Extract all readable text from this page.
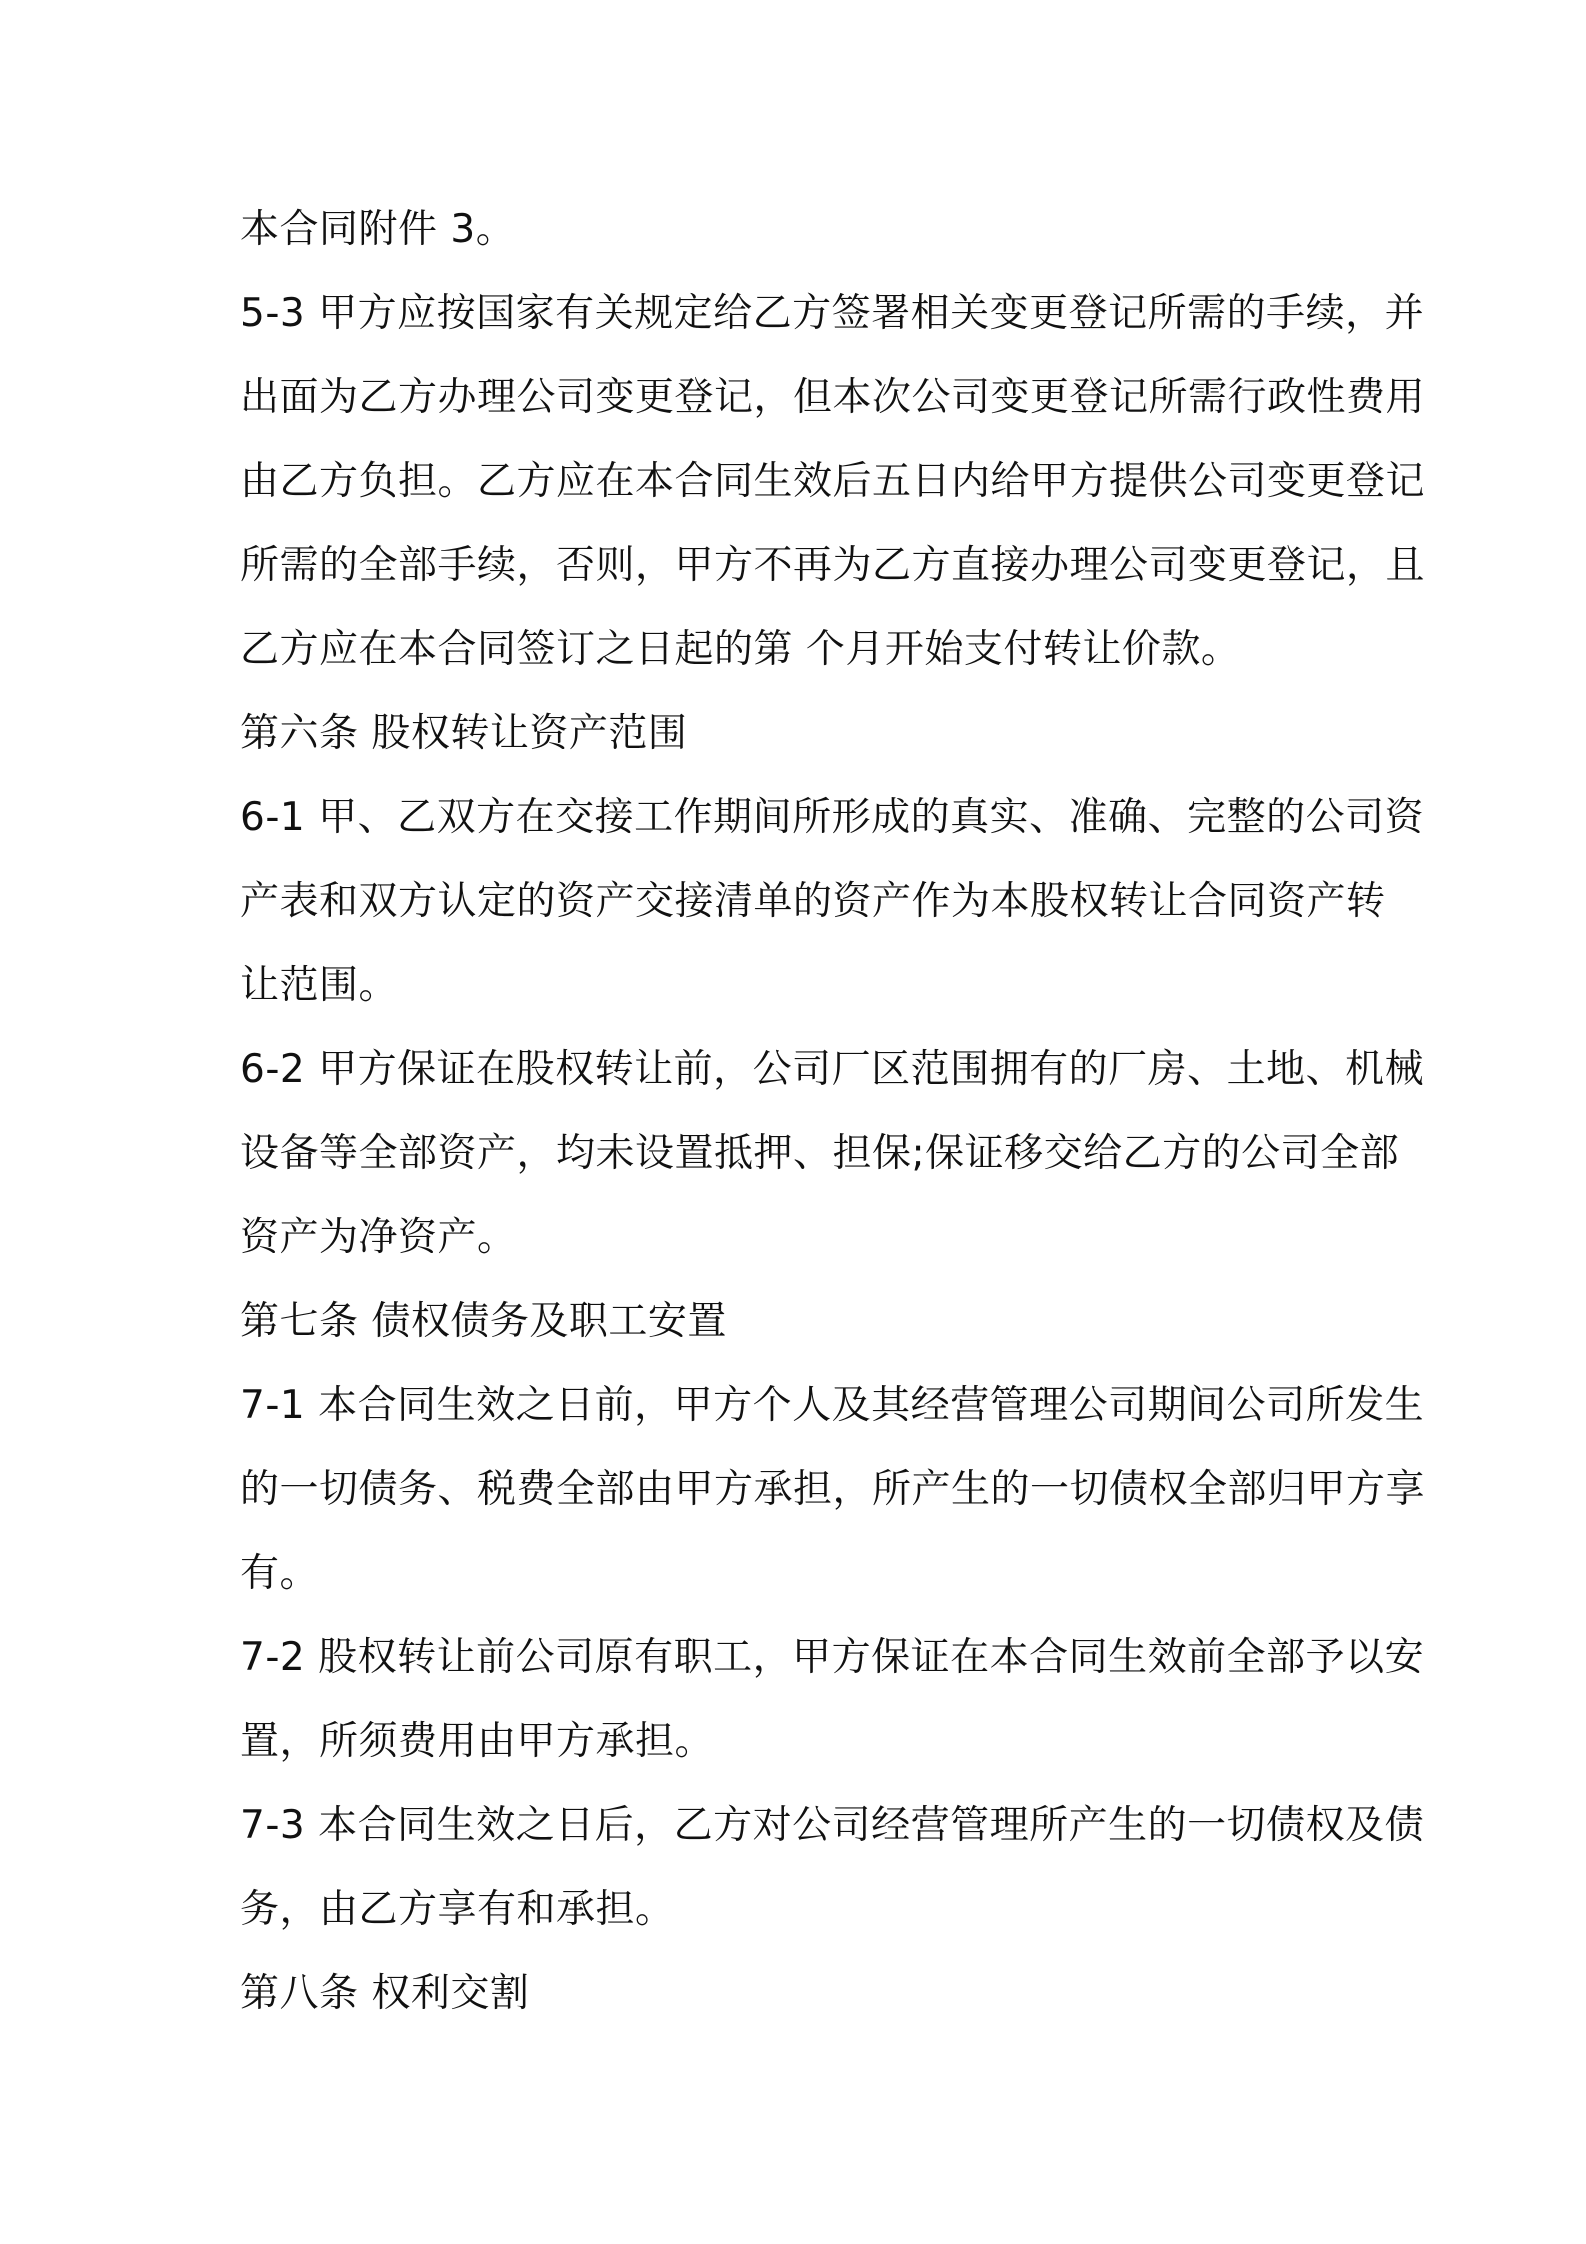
本合同附件 3。
5-3 甲方应按国家有关规定给乙方签署相关变更登记所需的手续，并
出面为乙方办理公司变更登记，但本次公司变更登记所需行政性费用
由乙方负担。乙方应在本合同生效后五日内给甲方提供公司变更登记
所需的全部手续，否则，甲方不再为乙方直接办理公司变更登记，且
乙方应在本合同签订之日起的第 个月开始支付转让价款。
第六条 股权转让资产范围
6-1 甲、乙双方在交接工作期间所形成的真实、准确、完整的公司资
产表和双方认定的资产交接清单的资产作为本股权转让合同资产转
让范围。
6-2 甲方保证在股权转让前，公司厂区范围拥有的厂房、土地、机械
设备等全部资产，均未设置抵押、担保;保证移交给乙方的公司全部
资产为净资产。
第七条 债权债务及职工安置
7-1 本合同生效之日前，甲方个人及其经营管理公司期间公司所发生
的一切债务、税费全部由甲方承担，所产生的一切债权全部归甲方享
有。
7-2 股权转让前公司原有职工，甲方保证在本合同生效前全部予以安
置，所须费用由甲方承担。
7-3 本合同生效之日后，乙方对公司经营管理所产生的一切债权及债
务，由乙方享有和承担。
第八条 权利交割
